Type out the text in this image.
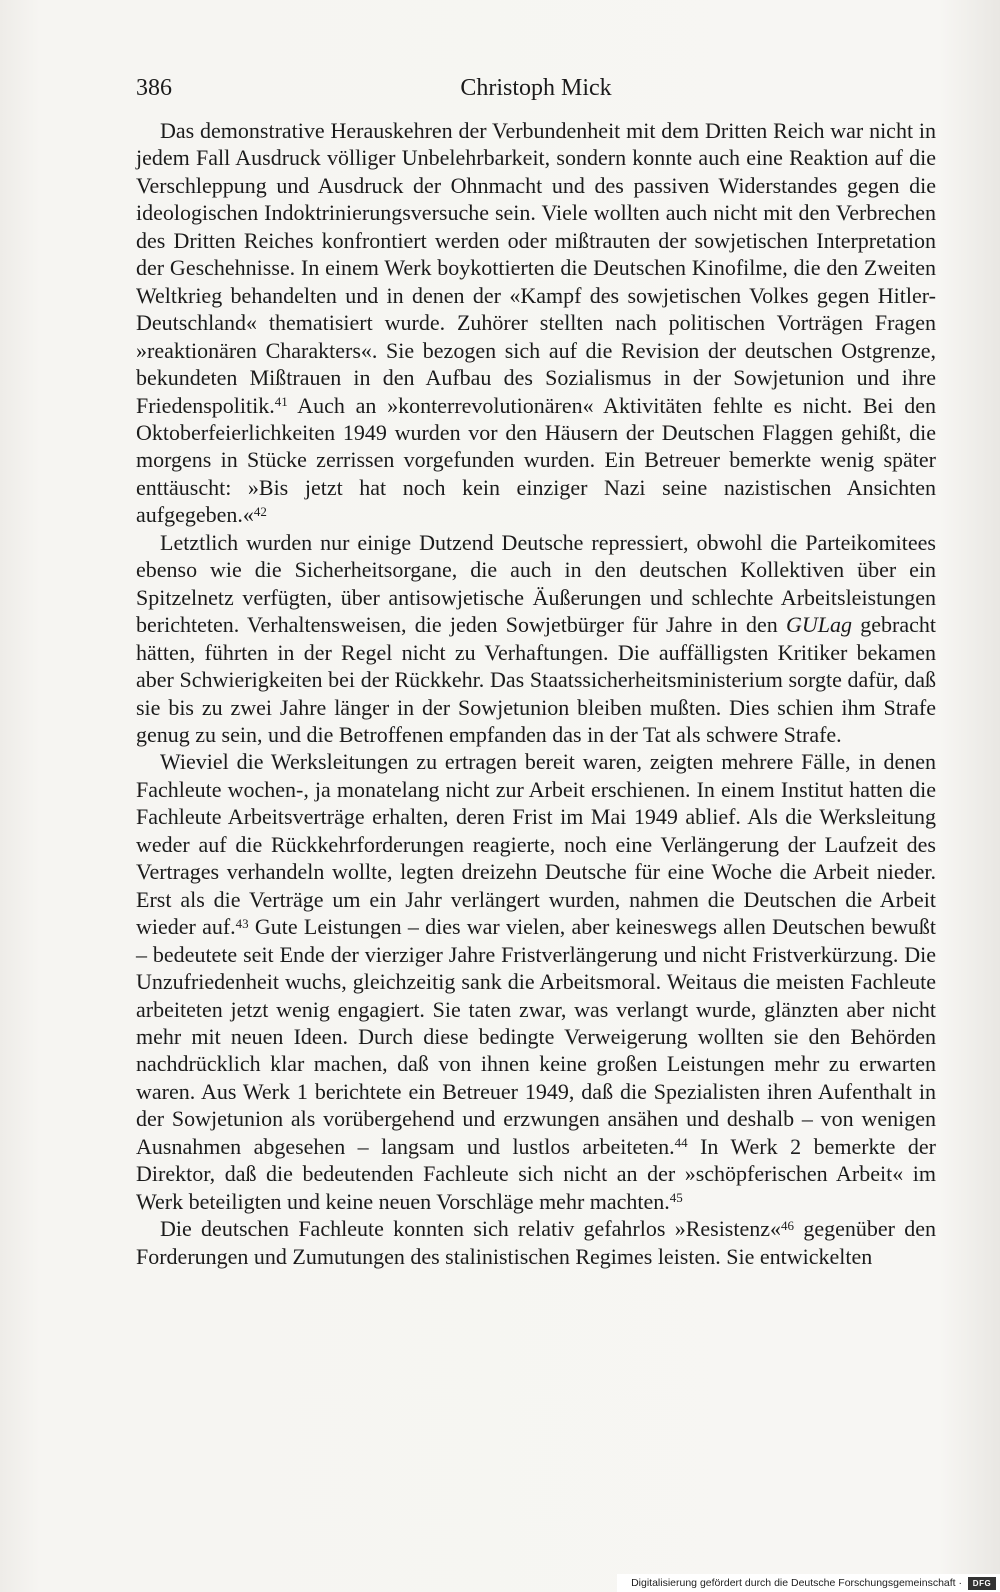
386	Christoph Mick

Das demonstrative Herauskehren der Verbundenheit mit dem Dritten Reich war nicht in jedem Fall Ausdruck völliger Unbelehrbarkeit, sondern konnte auch eine Reaktion auf die Verschleppung und Ausdruck der Ohnmacht und des passiven Widerstandes gegen die ideologischen Indoktrinierungsversuche sein. Viele wollten auch nicht mit den Verbrechen des Dritten Reiches konfrontiert werden oder mißtrauten der sowjetischen Interpretation der Geschehnisse. In einem Werk boykottierten die Deutschen Kinofilme, die den Zweiten Weltkrieg behandelten und in denen der «Kampf des sowjetischen Volkes gegen Hitler-Deutschland« thematisiert wurde. Zuhörer stellten nach politischen Vorträgen Fragen »reaktionären Charakters«. Sie bezogen sich auf die Revision der deutschen Ostgrenze, bekundeten Mißtrauen in den Aufbau des Sozialismus in der Sowjetunion und ihre Friedenspolitik.$^{41}$ Auch an »konterrevolutionären« Aktivitäten fehlte es nicht. Bei den Oktoberfeierlichkeiten 1949 wurden vor den Häusern der Deutschen Flaggen gehißt, die morgens in Stücke zerrissen vorgefunden wurden. Ein Betreuer bemerkte wenig später enttäuscht: »Bis jetzt hat noch kein einziger Nazi seine nazistischen Ansichten aufgegeben.«$^{42}$

Letztlich wurden nur einige Dutzend Deutsche repressiert, obwohl die Parteikomitees ebenso wie die Sicherheitsorgane, die auch in den deutschen Kollektiven über ein Spitzelnetz verfügten, über antisowjetische Äußerungen und schlechte Arbeitsleistungen berichteten. Verhaltensweisen, die jeden Sowjetbürger für Jahre in den GULag gebracht hätten, führten in der Regel nicht zu Verhaftungen. Die auffälligsten Kritiker bekamen aber Schwierigkeiten bei der Rückkehr. Das Staatssicherheitsministerium sorgte dafür, daß sie bis zu zwei Jahre länger in der Sowjetunion bleiben mußten. Dies schien ihm Strafe genug zu sein, und die Betroffenen empfanden das in der Tat als schwere Strafe.

Wieviel die Werksleitungen zu ertragen bereit waren, zeigten mehrere Fälle, in denen Fachleute wochen-, ja monatelang nicht zur Arbeit erschienen. In einem Institut hatten die Fachleute Arbeitsverträge erhalten, deren Frist im Mai 1949 ablief. Als die Werksleitung weder auf die Rückkehrforderungen reagierte, noch eine Verlängerung der Laufzeit des Vertrages verhandeln wollte, legten dreizehn Deutsche für eine Woche die Arbeit nieder. Erst als die Verträge um ein Jahr verlängert wurden, nahmen die Deutschen die Arbeit wieder auf.$^{43}$ Gute Leistungen – dies war vielen, aber keineswegs allen Deutschen bewußt – bedeutete seit Ende der vierziger Jahre Fristverlängerung und nicht Fristverkürzung. Die Unzufriedenheit wuchs, gleichzeitig sank die Arbeitsmoral. Weitaus die meisten Fachleute arbeiteten jetzt wenig engagiert. Sie taten zwar, was verlangt wurde, glänzten aber nicht mehr mit neuen Ideen. Durch diese bedingte Verweigerung wollten sie den Behörden nachdrücklich klar machen, daß von ihnen keine großen Leistungen mehr zu erwarten waren. Aus Werk 1 berichtete ein Betreuer 1949, daß die Spezialisten ihren Aufenthalt in der Sowjetunion als vorübergehend und erzwungen ansähen und deshalb – von wenigen Ausnahmen abgesehen – langsam und lustlos arbeiteten.$^{44}$ In Werk 2 bemerkte der Direktor, daß die bedeutenden Fachleute sich nicht an der »schöpferischen Arbeit« im Werk beteiligten und keine neuen Vorschläge mehr machten.$^{45}$

Die deutschen Fachleute konnten sich relativ gefahrlos »Resistenz«$^{46}$ gegenüber den Forderungen und Zumutungen des stalinistischen Regimes leisten. Sie entwickelten

Digitalisierung gefördert durch die Deutsche Forschungsgemeinschaft ·	DFG
